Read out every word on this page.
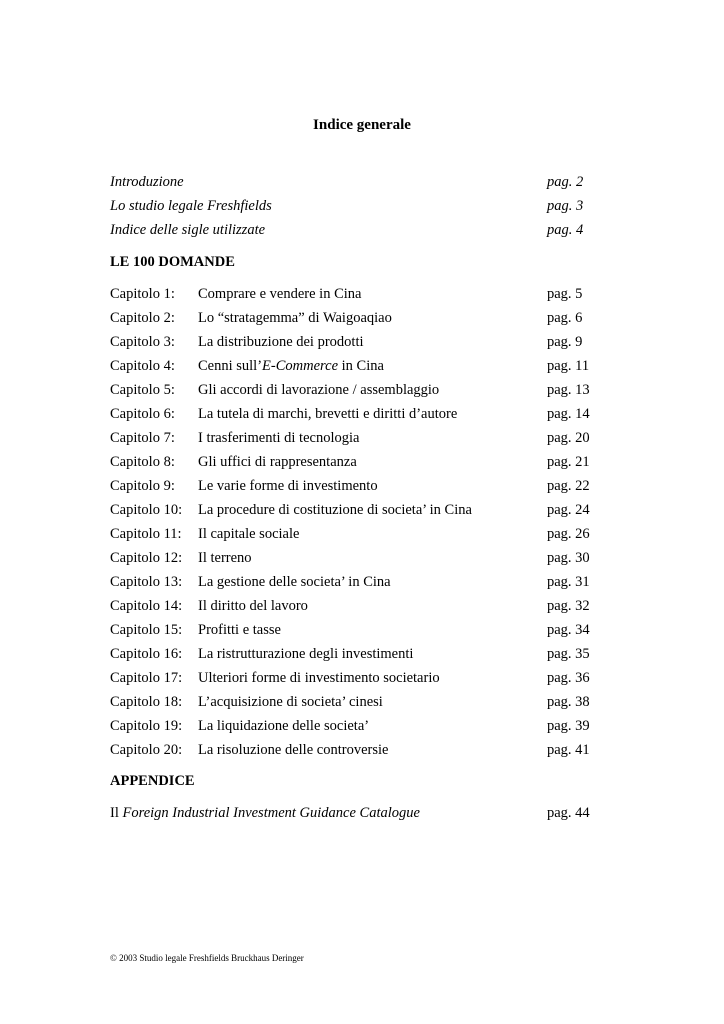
Indice generale
Introduzione	pag. 2
Lo studio legale Freshfields	pag. 3
Indice delle sigle utilizzate	pag. 4
LE 100 DOMANDE
Capitolo 1: Comprare e vendere in Cina	pag. 5
Capitolo 2: Lo “stratagemma” di Waigoaqiao	pag. 6
Capitolo 3: La distribuzione dei prodotti	pag. 9
Capitolo 4: Cenni sull’E-Commerce in Cina	pag. 11
Capitolo 5: Gli accordi di lavorazione / assemblaggio	pag. 13
Capitolo 6: La tutela di marchi, brevetti e diritti d’autore	pag. 14
Capitolo 7: I trasferimenti di tecnologia	pag. 20
Capitolo 8: Gli uffici di rappresentanza	pag. 21
Capitolo 9: Le varie forme di investimento	pag. 22
Capitolo 10: La procedure di costituzione di societa’ in Cina	pag. 24
Capitolo 11: Il capitale sociale	pag. 26
Capitolo 12: Il terreno	pag. 30
Capitolo 13: La gestione delle societa’ in Cina	pag. 31
Capitolo 14: Il diritto del lavoro	pag. 32
Capitolo 15: Profitti e tasse	pag. 34
Capitolo 16: La ristrutturazione degli investimenti	pag. 35
Capitolo 17: Ulteriori forme di investimento societario	pag. 36
Capitolo 18: L’acquisizione di societa’ cinesi	pag. 38
Capitolo 19: La liquidazione delle societa’	pag. 39
Capitolo 20: La risoluzione delle controversie	pag. 41
APPENDICE
Il Foreign Industrial Investment Guidance Catalogue	pag. 44
© 2003 Studio legale Freshfields Bruckhaus Deringer
